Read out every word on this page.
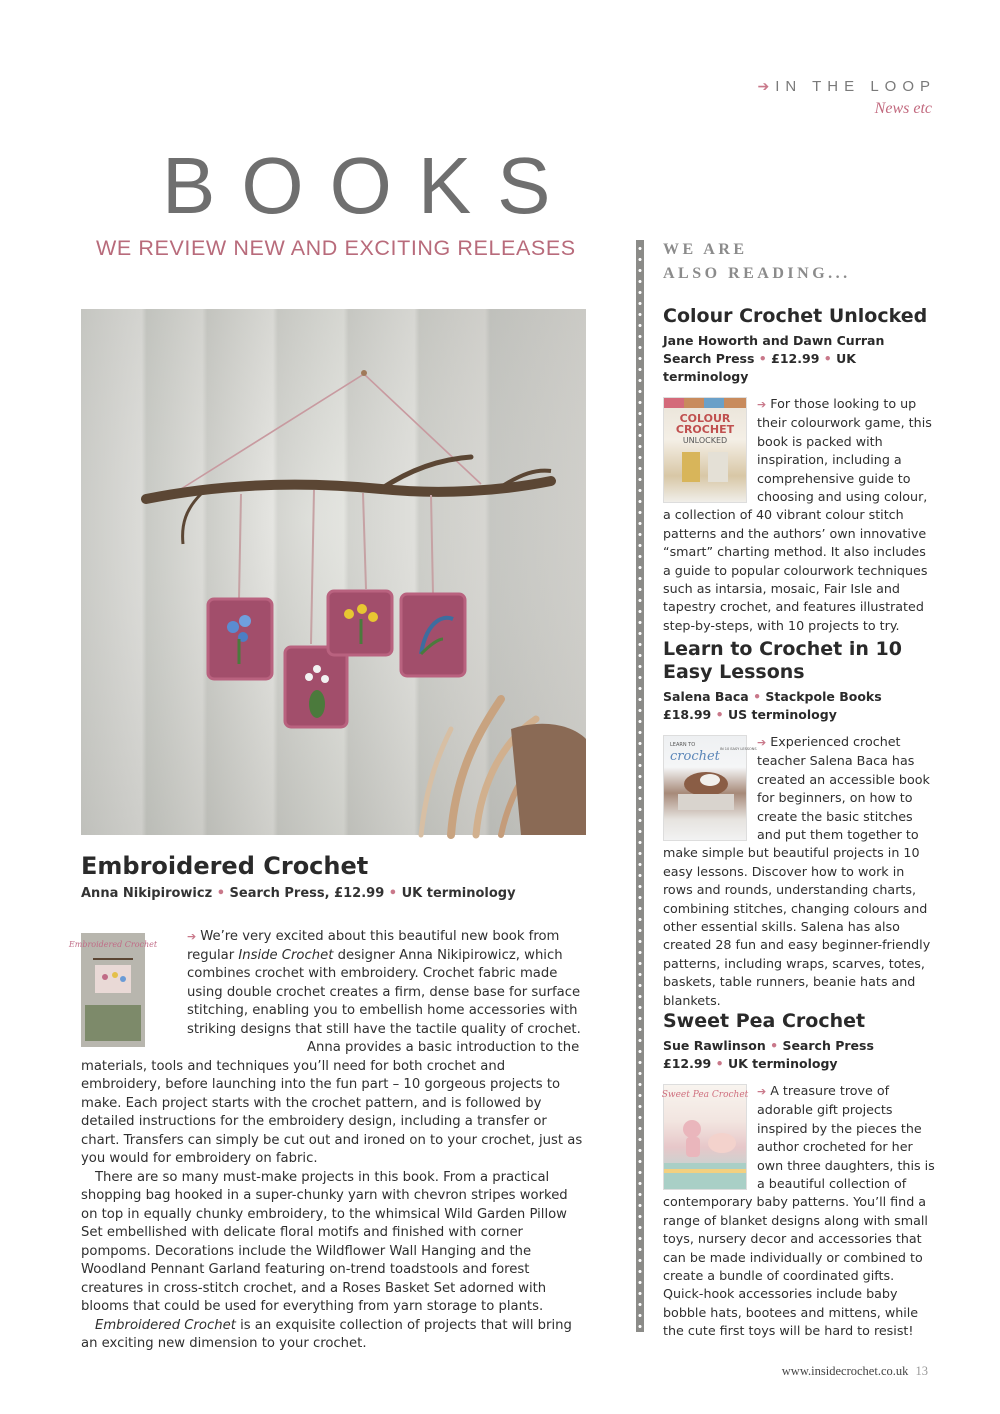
➔ IN THE LOOP
News etc
BOOKS
WE REVIEW NEW AND EXCITING RELEASES
Embroidered Crochet
Anna Nikipirowicz • Search Press, £12.99 • UK terminology
Embroidered Crochet

➔ We’re very excited about this beautiful new book from regular Inside Crochet designer Anna Nikipirowicz, which combines crochet with embroidery. Crochet fabric made using double crochet creates a firm, dense base for surface stitching, enabling you to embellish home accessories with striking designs that still have the tactile quality of crochet.

Anna provides a basic introduction to the materials, tools and techniques you’ll need for both crochet and embroidery, before launching into the fun part – 10 gorgeous projects to make. Each project starts with the crochet pattern, and is followed by detailed instructions for the embroidery design, including a transfer or chart. Transfers can simply be cut out and ironed on to your crochet, just as you would for embroidery on fabric.

There are so many must-make projects in this book. From a practical shopping bag hooked in a super-chunky yarn with chevron stripes worked on top in equally chunky embroidery, to the whimsical Wild Garden Pillow Set embellished with delicate floral motifs and finished with corner pompoms. Decorations include the Wildflower Wall Hanging and the Woodland Pennant Garland featuring on-trend toadstools and forest creatures in cross-stitch crochet, and a Roses Basket Set adorned with blooms that could be used for everything from yarn storage to plants.

Embroidered Crochet is an exquisite collection of projects that will bring an exciting new dimension to your crochet.

WE ARE
ALSO READING...
Colour Crochet Unlocked
Jane Howorth and Dawn Curran
Search Press • £12.99 • UK terminology
COLOUR
CROCHET
UNLOCKED
➔ For those looking to up their colourwork game, this book is packed with inspiration, including a comprehensive guide to choosing and using colour, a collection of 40 vibrant colour stitch patterns and the authors’ own innovative “smart” charting method. It also includes a guide to popular colourwork techniques such as intarsia, mosaic, Fair Isle and tapestry crochet, and features illustrated step-by-steps, with 10 projects to try.
Learn to Crochet in 10 Easy Lessons
Salena Baca • Stackpole Books
£18.99 • US terminology
LEARN TO
crochet IN 10 EASY LESSONS ➔ Experienced crochet teacher Salena Baca has created an accessible book for beginners, on how to create the basic stitches and put them together to make simple but beautiful projects in 10 easy lessons. Discover how to work in rows and rounds, understanding charts, combining stitches, changing colours and other essential skills. Salena has also created 28 fun and easy beginner-friendly patterns, including wraps, scarves, totes, baskets, table runners, beanie hats and blankets.
Sweet Pea Crochet
Sue Rawlinson • Search Press
£12.99 • UK terminology
Sweet Pea Crochet ➔ A treasure trove of adorable gift projects inspired by the pieces the author crocheted for her own three daughters, this is a beautiful collection of contemporary baby patterns. You’ll find a range of blanket designs along with small toys, nursery decor and accessories that can be made individually or combined to create a bundle of coordinated gifts. Quick-hook accessories include baby bobble hats, bootees and mittens, while the cute first toys will be hard to resist!
www.insidecrochet.co.uk 13
